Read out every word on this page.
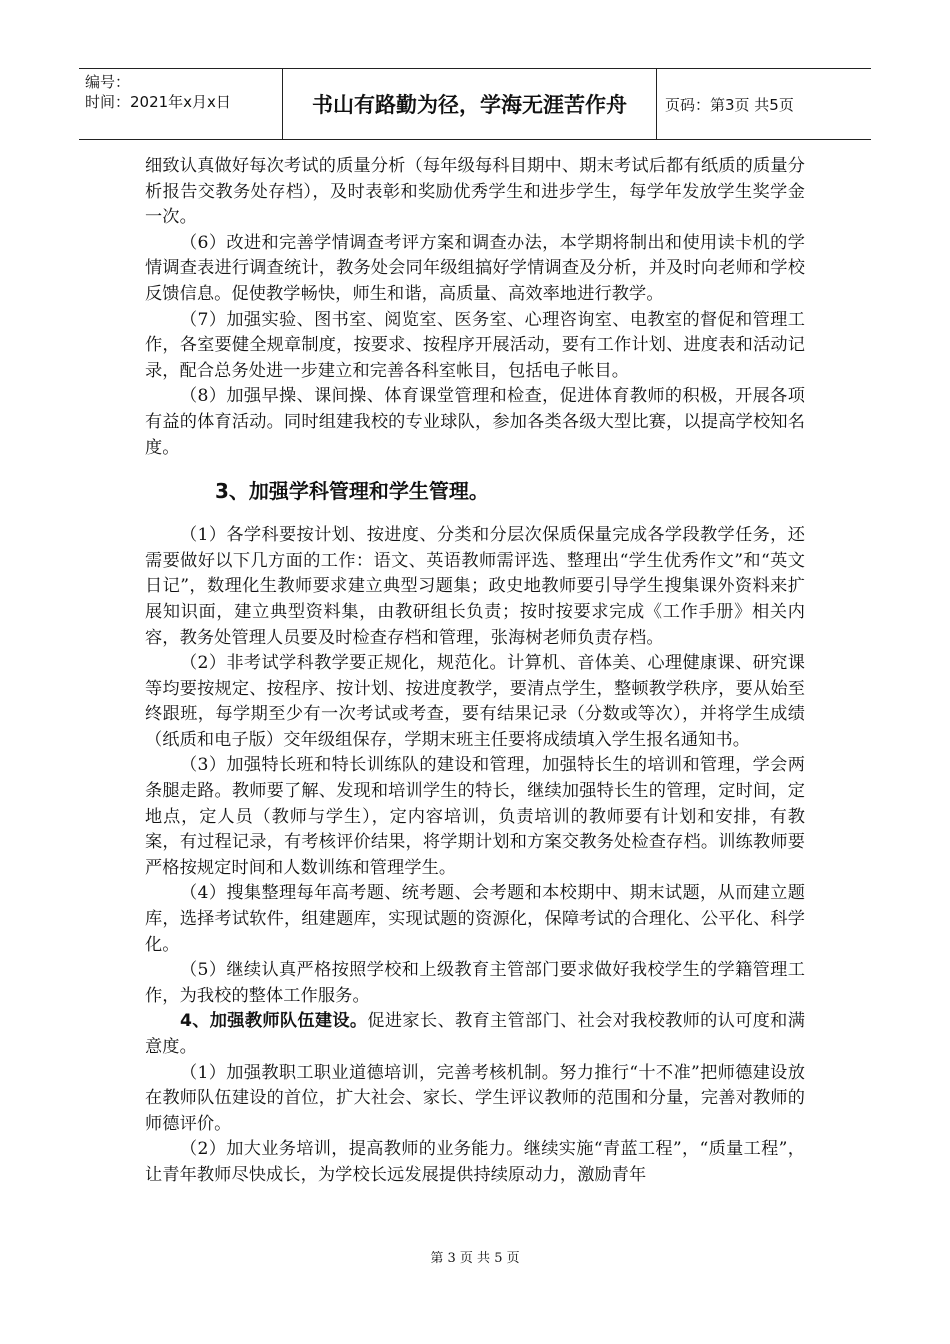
编号：
时间：2021年x月x日	书山有路勤为径，学海无涯苦作舟	页码：第3页 共5页

细致认真做好每次考试的质量分析（每年级每科目期中、期末考试后都有纸质的质量分析报告交教务处存档），及时表彰和奖励优秀学生和进步学生，每学年发放学生奖学金一次。

（6）改进和完善学情调查考评方案和调查办法，本学期将制出和使用读卡机的学情调查表进行调查统计，教务处会同年级组搞好学情调查及分析，并及时向老师和学校反馈信息。促使教学畅快，师生和谐，高质量、高效率地进行教学。

（7）加强实验、图书室、阅览室、医务室、心理咨询室、电教室的督促和管理工作，各室要健全规章制度，按要求、按程序开展活动，要有工作计划、进度表和活动记录，配合总务处进一步建立和完善各科室帐目，包括电子帐目。

（8）加强早操、课间操、体育课堂管理和检查，促进体育教师的积极，开展各项有益的体育活动。同时组建我校的专业球队，参加各类各级大型比赛，以提高学校知名度。

3、加强学科管理和学生管理。

（1）各学科要按计划、按进度、分类和分层次保质保量完成各学段教学任务，还需要做好以下几方面的工作：语文、英语教师需评选、整理出“学生优秀作文”和“英文日记”，数理化生教师要求建立典型习题集；政史地教师要引导学生搜集课外资料来扩展知识面，建立典型资料集，由教研组长负责；按时按要求完成《工作手册》相关内容，教务处管理人员要及时检查存档和管理，张海树老师负责存档。

（2）非考试学科教学要正规化，规范化。计算机、音体美、心理健康课、研究课等均要按规定、按程序、按计划、按进度教学，要清点学生，整顿教学秩序，要从始至终跟班，每学期至少有一次考试或考查，要有结果记录（分数或等次），并将学生成绩（纸质和电子版）交年级组保存，学期末班主任要将成绩填入学生报名通知书。

（3）加强特长班和特长训练队的建设和管理，加强特长生的培训和管理，学会两条腿走路。教师要了解、发现和培训学生的特长，继续加强特长生的管理，定时间，定地点，定人员（教师与学生），定内容培训，负责培训的教师要有计划和安排，有教案，有过程记录，有考核评价结果，将学期计划和方案交教务处检查存档。训练教师要严格按规定时间和人数训练和管理学生。

（4）搜集整理每年高考题、统考题、会考题和本校期中、期末试题，从而建立题库，选择考试软件，组建题库，实现试题的资源化，保障考试的合理化、公平化、科学化。

（5）继续认真严格按照学校和上级教育主管部门要求做好我校学生的学籍管理工作，为我校的整体工作服务。

4、加强教师队伍建设。促进家长、教育主管部门、社会对我校教师的认可度和满意度。

（1）加强教职工职业道德培训，完善考核机制。努力推行“十不准”把师德建设放在教师队伍建设的首位，扩大社会、家长、学生评议教师的范围和分量，完善对教师的师德评价。

（2）加大业务培训，提高教师的业务能力。继续实施“青蓝工程”，“质量工程”，让青年教师尽快成长，为学校长远发展提供持续原动力，激励青年

第 3 页 共 5 页
